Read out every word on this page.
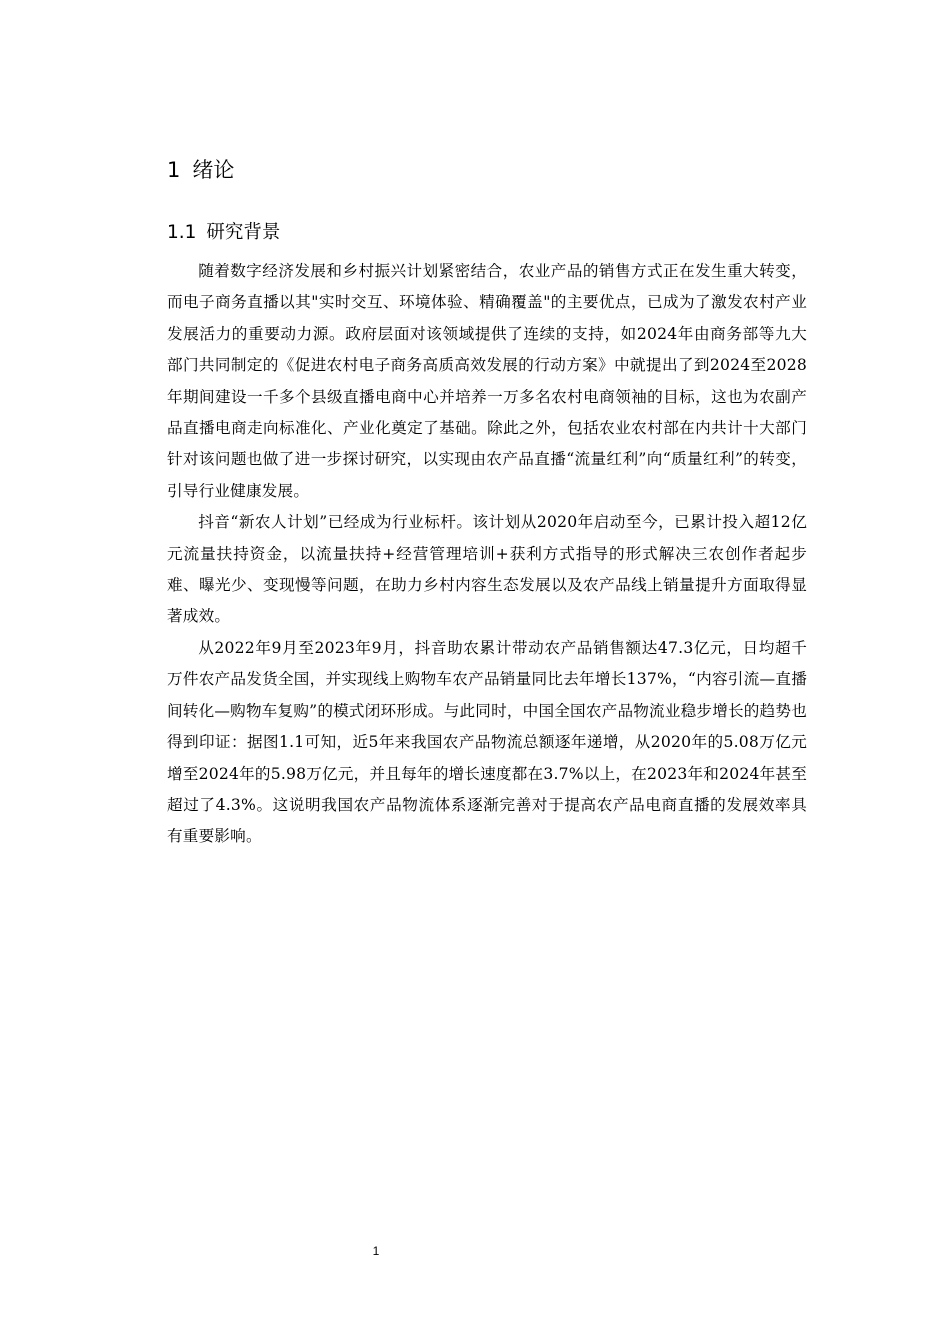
1 绪论
1.1 研究背景

随着数字经济发展和乡村振兴计划紧密结合，农业产品的销售方式正在发生重大转变，而电子商务直播以其"实时交互、环境体验、精确覆盖"的主要优点，已成为了激发农村产业发展活力的重要动力源。政府层面对该领域提供了连续的支持，如2024年由商务部等九大部门共同制定的《促进农村电子商务高质高效发展的行动方案》中就提出了到2024至2028年期间建设一千多个县级直播电商中心并培养一万多名农村电商领袖的目标，这也为农副产品直播电商走向标准化、产业化奠定了基础。除此之外，包括农业农村部在内共计十大部门针对该问题也做了进一步探讨研究，以实现由农产品直播“流量红利”向“质量红利”的转变，引导行业健康发展。

抖音“新农人计划”已经成为行业标杆。该计划从2020年启动至今，已累计投入超12亿元流量扶持资金，以流量扶持+经营管理培训+获利方式指导的形式解决三农创作者起步难、曝光少、变现慢等问题，在助力乡村内容生态发展以及农产品线上销量提升方面取得显著成效。

从2022年9月至2023年9月，抖音助农累计带动农产品销售额达47.3亿元，日均超千万件农产品发货全国，并实现线上购物车农产品销量同比去年增长137%，“内容引流—直播间转化—购物车复购”的模式闭环形成。与此同时，中国全国农产品物流业稳步增长的趋势也得到印证：据图1.1可知，近5年来我国农产品物流总额逐年递增，从2020年的5.08万亿元增至2024年的5.98万亿元，并且每年的增长速度都在3.7%以上，在2023年和2024年甚至超过了4.3%。这说明我国农产品物流体系逐渐完善对于提高农产品电商直播的发展效率具有重要影响。

1
